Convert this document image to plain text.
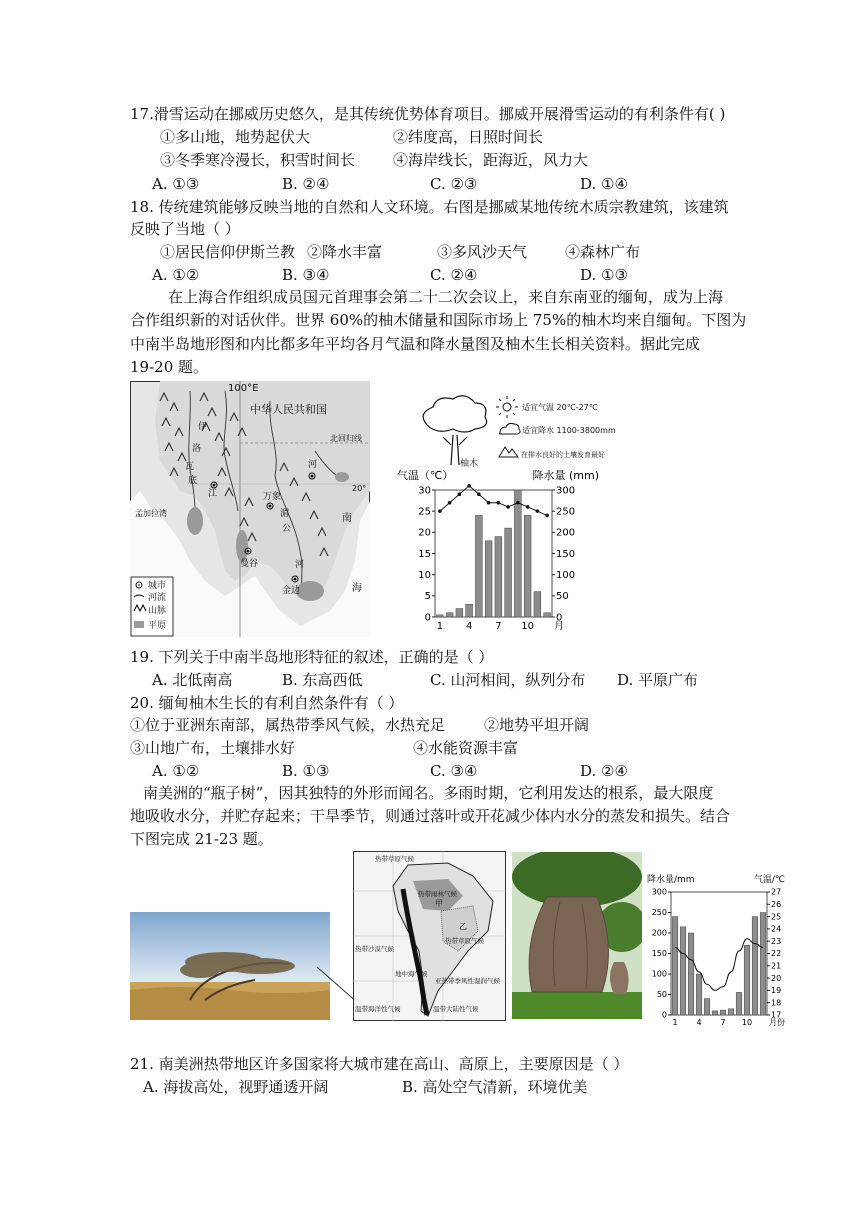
17.滑雪运动在挪威历史悠久，是其传统优势体育项目。挪威开展滑雪运动的有利条件有( )
①多山地，地势起伏大	②纬度高，日照时间长
③冬季寒冷漫长，积雪时间长	④海岸线长，距海近，风力大
A. ①③	B. ②④	C. ②③	D. ①④
18. 传统建筑能够反映当地的自然和人文环境。右图是挪威某地传统木质宗教建筑，该建筑
反映了当地（ ）
①居民信仰伊斯兰教 ②降水丰富	③多风沙天气	④森林广布
A. ①②	B. ③④	C. ②④	D. ①③
在上海合作组织成员国元首理事会第二十二次会议上，来自东南亚的缅甸，成为上海
合作组织新的对话伙伴。世界 60%的柚木储量和国际市场上 75%的柚木均来自缅甸。下图为
中南半岛地形图和内比都多年平均各月气温和降水量图及柚木生长相关资料。据此完成
19-20 题。
100°E
中华人民共和国
北回归线
20°
孟加拉湾	南
海
伊
洛
瓦
底
江
湄
公
河
河
万象
曼谷
金边
城市
河流
山脉
平原
适宜气温 20℃-27℃
适宜降水 1100-3800mm
在排水良好的土壤发育最好
柚木
0
5
10
15
20
25
30
0
50
100
150
200
250
300
1 4 7 10 月
气温（℃）	降水量 (mm)
19. 下列关于中南半岛地形特征的叙述，正确的是（ ）
A. 北低南高	B. 东高西低	C. 山河相间，纵列分布 D. 平原广布
20. 缅甸柚木生长的有利自然条件有（ ）
①位于亚洲东南部，属热带季风气候，水热充足	②地势平坦开阔
③山地广布，土壤排水好	④水能资源丰富
A. ①②	B. ①③	C. ③④	D. ②④
南美洲的“瓶子树”，因其独特的外形而闻名。多雨时期，它利用发达的根系，最大限度
地吸收水分，并贮存起来；干旱季节，则通过落叶或开花减少体内水分的蒸发和损失。结合
下图完成 21-23 题。
热带草原气候
热带雨林气候
甲
乙
热带草原气候
热带沙漠气候
地中海气候
亚热带季风性湿润气候
温带海洋性气候	温带大陆性气候
0
50
100
150
200
250
300
17
18
19
20
21
22
23
24
25
26
27
1 4 7 10 月份
降水量/mm	气温/℃
21. 南美洲热带地区许多国家将大城市建在高山、高原上，主要原因是（ ）
A. 海拔高处，视野通透开阔	B. 高处空气清新，环境优美
